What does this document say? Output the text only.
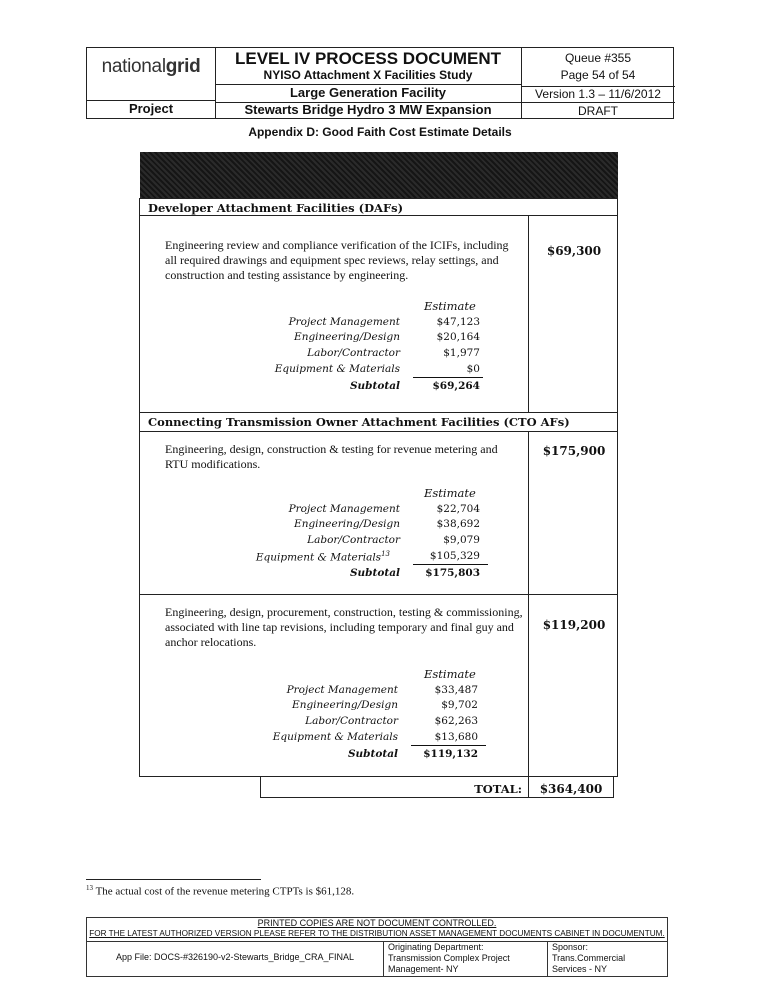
nationalgrid
Project
LEVEL IV PROCESS DOCUMENT
NYISO Attachment X Facilities Study
Large Generation Facility
Stewarts Bridge Hydro 3 MW Expansion
Queue #355
Page 54 of 54
Version 1.3 – 11/6/2012
DRAFT
Appendix D: Good Faith Cost Estimate Details
Developer Attachment Facilities (DAFs)
Engineering review and compliance verification of the ICIFs, including all required drawings and equipment spec reviews, relay settings, and construction and testing assistance by engineering.
$69,300
Estimate
Project Management	$47,123
Engineering/Design	$20,164
Labor/Contractor	$1,977
Equipment & Materials	$0
Subtotal	$69,264
Connecting Transmission Owner Attachment Facilities (CTO AFs)
Engineering, design, construction & testing for revenue metering and RTU modifications.
$175,900
Estimate
Project Management	$22,704
Engineering/Design	$38,692
Labor/Contractor	$9,079
Equipment & Materials$^{13}$	$105,329
Subtotal	$175,803
Engineering, design, procurement, construction, testing & commissioning, associated with line tap revisions, including temporary and final guy and anchor relocations.
$119,200
Estimate
Project Management	$33,487
Engineering/Design	$9,702
Labor/Contractor	$62,263
Equipment & Materials	$13,680
Subtotal	$119,132
TOTAL:	$364,400
$^{13}$ The actual cost of the revenue metering CTPTs is $61,128.
PRINTED COPIES ARE NOT DOCUMENT CONTROLLED.
FOR THE LATEST AUTHORIZED VERSION PLEASE REFER TO THE DISTRIBUTION ASSET MANAGEMENT DOCUMENTS CABINET IN DOCUMENTUM.
App File: DOCS-#326190-v2-Stewarts_Bridge_CRA_FINAL
Originating Department:
Transmission Complex Project
Management- NY
Sponsor:
Trans.Commercial
Services - NY
